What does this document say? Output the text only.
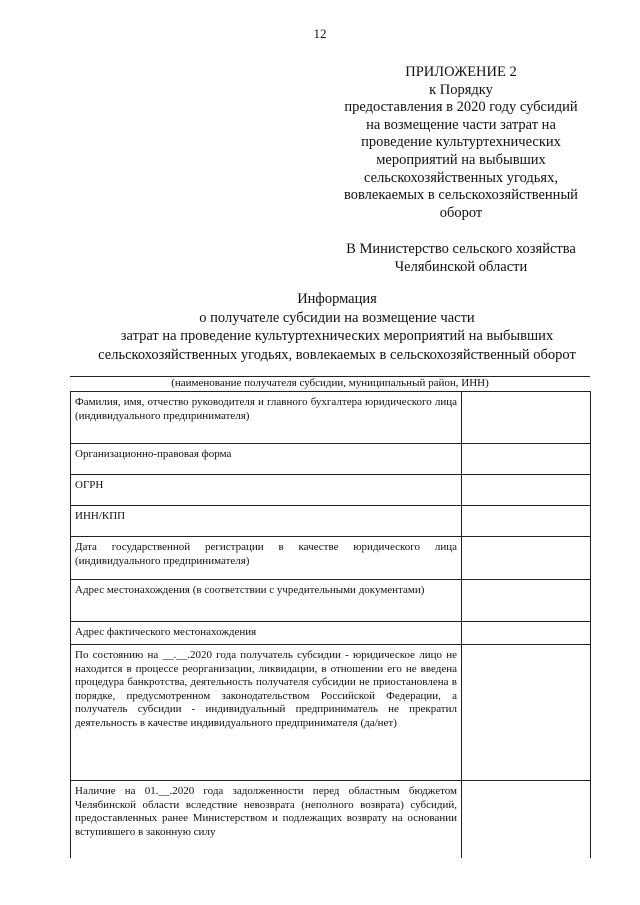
12
ПРИЛОЖЕНИЕ 2
к Порядку
предоставления в 2020 году субсидий
на возмещение части затрат на
проведение культуртехнических
мероприятий на выбывших
сельскохозяйственных угодьях,
вовлекаемых в сельскохозяйственный
оборот
В Министерство сельского хозяйства
Челябинской области
Информация
о получателе субсидии на возмещение части
затрат на проведение культуртехнических мероприятий на выбывших
сельскохозяйственных угодьях, вовлекаемых в сельскохозяйственный оборот
(наименование получателя субсидии, муниципальный район, ИНН)
Фамилия, имя, отчество руководителя и главного бухгалтера юридического лица (индивидуального предпринимателя)	
Организационно-правовая форма	
ОГРН	
ИНН/КПП	
Дата государственной регистрации в качестве юридического лица (индивидуального предпринимателя)	
Адрес местонахождения (в соответствии с учредительными документами)	
Адрес фактического местонахождения	
По состоянию на __.__.2020 года получатель субсидии - юридическое лицо не находится в процессе реорганизации, ликвидации, в отношении его не введена процедура банкротства, деятельность получателя субсидии не приостановлена в порядке, предусмотренном законодательством Российской Федерации, а получатель субсидии - индивидуальный предприниматель не прекратил деятельность в качестве индивидуального предпринимателя (да/нет)	
Наличие на 01.__.2020 года задолженности перед областным бюджетом Челябинской области вследствие невозврата (неполного возврата) субсидий, предоставленных ранее Министерством и подлежащих возврату на основании вступившего в законную силу	
